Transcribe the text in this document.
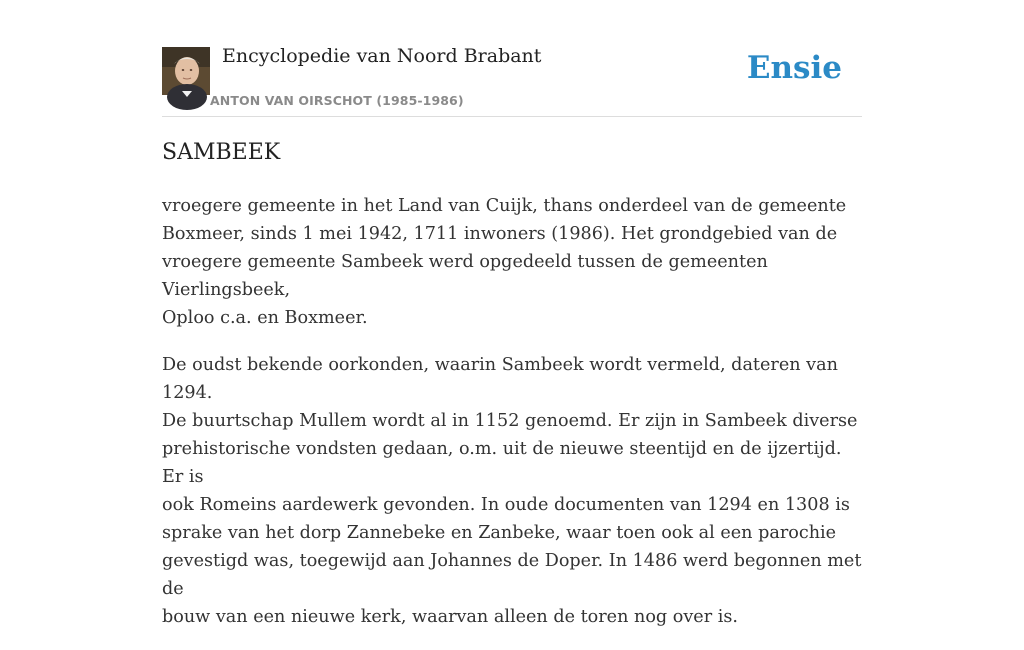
Encyclopedie van Noord Brabant
ANTON VAN OIRSCHOT (1985-1986)
Ensie
SAMBEEK

vroegere gemeente in het Land van Cuijk, thans onderdeel van de gemeente
Boxmeer, sinds 1 mei 1942, 1711 inwoners (1986). Het grondgebied van de
vroegere gemeente Sambeek werd opgedeeld tussen de gemeenten Vierlingsbeek,
Oploo c.a. en Boxmeer.

De oudst bekende oorkonden, waarin Sambeek wordt vermeld, dateren van 1294.
De buurtschap Mullem wordt al in 1152 genoemd. Er zijn in Sambeek diverse
prehistorische vondsten gedaan, o.m. uit de nieuwe steentijd en de ijzertijd. Er is
ook Romeins aardewerk gevonden. In oude documenten van 1294 en 1308 is
sprake van het dorp Zannebeke en Zanbeke, waar toen ook al een parochie
gevestigd was, toegewijd aan Johannes de Doper. In 1486 werd begonnen met de
bouw van een nieuwe kerk, waarvan alleen de toren nog over is.
